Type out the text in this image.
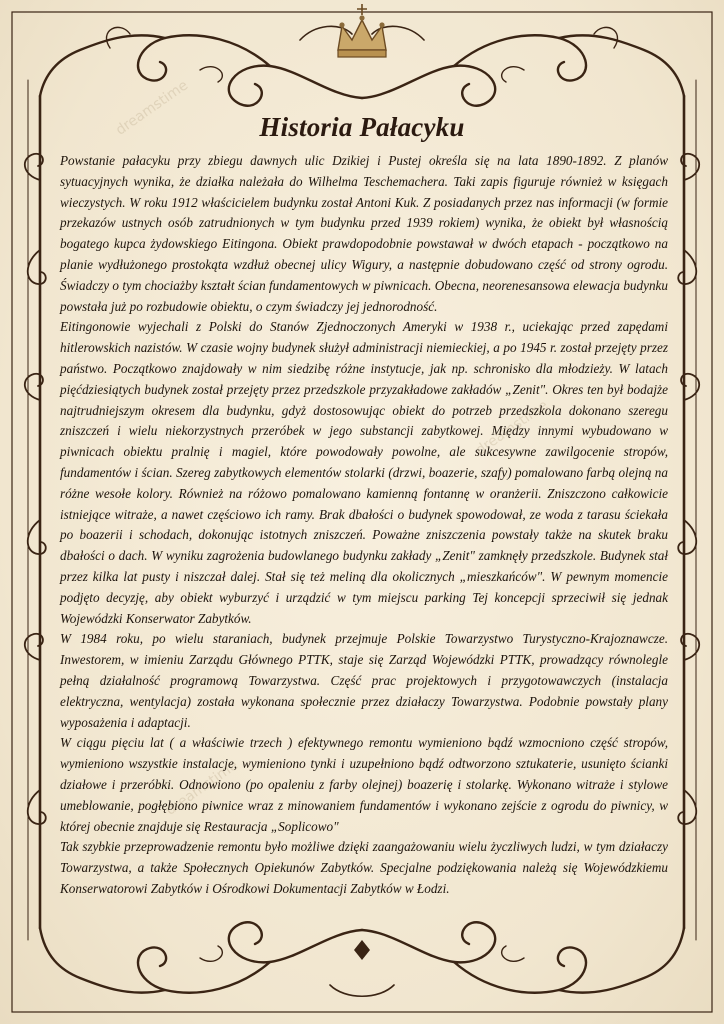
dreamstime
dreamstime
dreamstime
Historia Pałacyku

Powstanie pałacyku przy zbiegu dawnych ulic Dzikiej i Pustej określa się na lata 1890-1892. Z planów sytuacyjnych wynika, że działka należała do Wilhelma Teschemachera. Taki zapis figuruje również w księgach wieczystych. W roku 1912 właścicielem budynku został Antoni Kuk. Z posiadanych przez nas informacji (w formie przekazów ustnych osób zatrudnionych w tym budynku przed 1939 rokiem) wynika, że obiekt był własnością bogatego kupca żydowskiego Eitingona. Obiekt prawdopodobnie powstawał w dwóch etapach - początkowo na planie wydłużonego prostokąta wzdłuż obecnej ulicy Wigury, a następnie dobudowano część od strony ogrodu. Świadczy o tym chociażby kształt ścian fundamentowych w piwnicach. Obecna, neorenesansowa elewacja budynku powstała już po rozbudowie obiektu, o czym świadczy jej jednorodność.

Eitingonowie wyjechali z Polski do Stanów Zjednoczonych Ameryki w 1938 r., uciekając przed zapędami hitlerowskich nazistów. W czasie wojny budynek służył administracji niemieckiej, a po 1945 r. został przejęty przez państwo. Początkowo znajdowały w nim siedzibę różne instytucje, jak np. schronisko dla młodzieży. W latach pięćdziesiątych budynek został przejęty przez przedszkole przyzakładowe zakładów „Zenit". Okres ten był bodajże najtrudniejszym okresem dla budynku, gdyż dostosowując obiekt do potrzeb przedszkola dokonano szeregu zniszczeń i wielu niekorzystnych przeróbek w jego substancji zabytkowej. Między innymi wybudowano w piwnicach obiektu pralnię i magiel, które powodowały powolne, ale sukcesywne zawilgocenie stropów, fundamentów i ścian. Szereg zabytkowych elementów stolarki (drzwi, boazerie, szafy) pomalowano farbą olejną na różne wesołe kolory. Również na różowo pomalowano kamienną fontannę w oranżerii. Zniszczono całkowicie istniejące witraże, a nawet częściowo ich ramy. Brak dbałości o budynek spowodował, ze woda z tarasu ściekała po boazerii i schodach, dokonując istotnych zniszczeń. Poważne zniszczenia powstały także na skutek braku dbałości o dach. W wyniku zagrożenia budowlanego budynku zakłady „Zenit" zamknęły przedszkole. Budynek stał przez kilka lat pusty i niszczał dalej. Stał się też meliną dla okolicznych „mieszkańców". W pewnym momencie podjęto decyzję, aby obiekt wyburzyć i urządzić w tym miejscu parking Tej koncepcji sprzeciwił się jednak Wojewódzki Konserwator Zabytków.

W 1984 roku, po wielu staraniach, budynek przejmuje Polskie Towarzystwo Turystyczno-Krajoznawcze. Inwestorem, w imieniu Zarządu Głównego PTTK, staje się Zarząd Wojewódzki PTTK, prowadzący równolegle pełną działalność programową Towarzystwa. Część prac projektowych i przygotowawczych (instalacja elektryczna, wentylacja) została wykonana społecznie przez działaczy Towarzystwa. Podobnie powstały plany wyposażenia i adaptacji.

W ciągu pięciu lat ( a właściwie trzech ) efektywnego remontu wymieniono bądź wzmocniono część stropów, wymieniono wszystkie instalacje, wymieniono tynki i uzupełniono bądź odtworzono sztukaterie, usunięto ścianki działowe i przeróbki. Odnowiono (po opaleniu z farby olejnej) boazerię i stolarkę. Wykonano witraże i stylowe umeblowanie, pogłębiono piwnice wraz z minowaniem fundamentów i wykonano zejście z ogrodu do piwnicy, w której obecnie znajduje się Restauracja „Soplicowo"

Tak szybkie przeprowadzenie remontu było możliwe dzięki zaangażowaniu wielu życzliwych ludzi, w tym działaczy Towarzystwa, a także Społecznych Opiekunów Zabytków. Specjalne podziękowania należą się Wojewódzkiemu Konserwatorowi Zabytków i Ośrodkowi Dokumentacji Zabytków w Łodzi.
